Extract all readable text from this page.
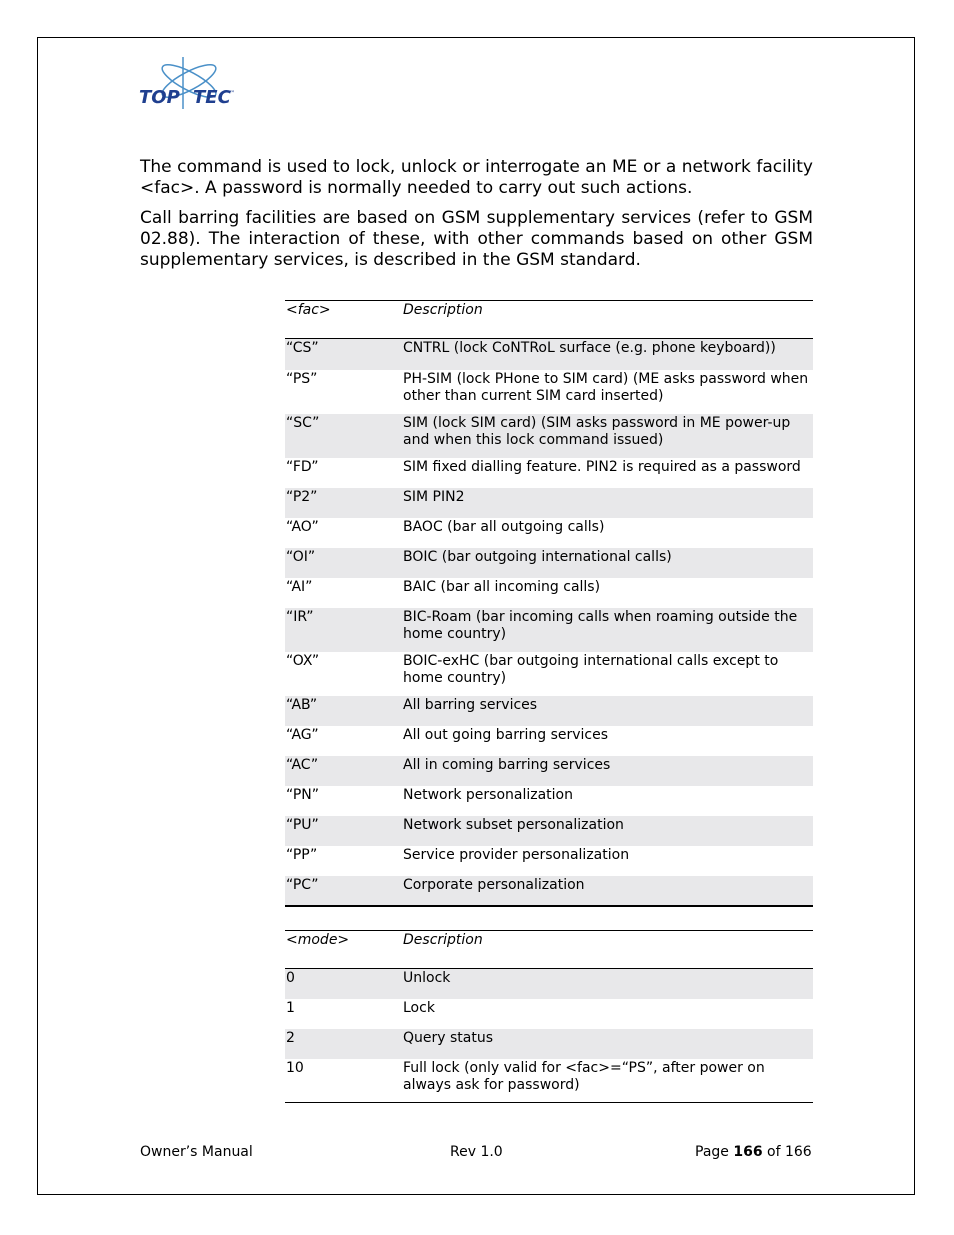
TOP TEC
™

The command is used to lock, unlock or interrogate an ME or a network facility <fac>. A password is normally needed to carry out such actions.

Call barring facilities are based on GSM supplementary services (refer to GSM 02.88). The interaction of these, with other commands based on other GSM supplementary services, is described in the GSM standard.

<fac>	Description
“CS”	CNTRL (lock CoNTRoL surface (e.g. phone keyboard))
“PS”	PH-SIM (lock PHone to SIM card) (ME asks password when other than current SIM card inserted)
“SC”	SIM (lock SIM card) (SIM asks password in ME power-up and when this lock command issued)
“FD”	SIM fixed dialling feature. PIN2 is required as a password
“P2”	SIM PIN2
“AO”	BAOC (bar all outgoing calls)
“OI”	BOIC (bar outgoing international calls)
“AI”	BAIC (bar all incoming calls)
“IR”	BIC-Roam (bar incoming calls when roaming outside the home country)
“OX”	BOIC-exHC (bar outgoing international calls except to home country)
“AB”	All barring services
“AG”	All out going barring services
“AC”	All in coming barring services
“PN”	Network personalization
“PU”	Network subset personalization
“PP”	Service provider personalization
“PC”	Corporate personalization
<mode>	Description
0	Unlock
1	Lock
2	Query status
10	Full lock (only valid for <fac>=“PS”, after power on always ask for password)
Owner’s Manual	Rev 1.0	Page 166 of 166
